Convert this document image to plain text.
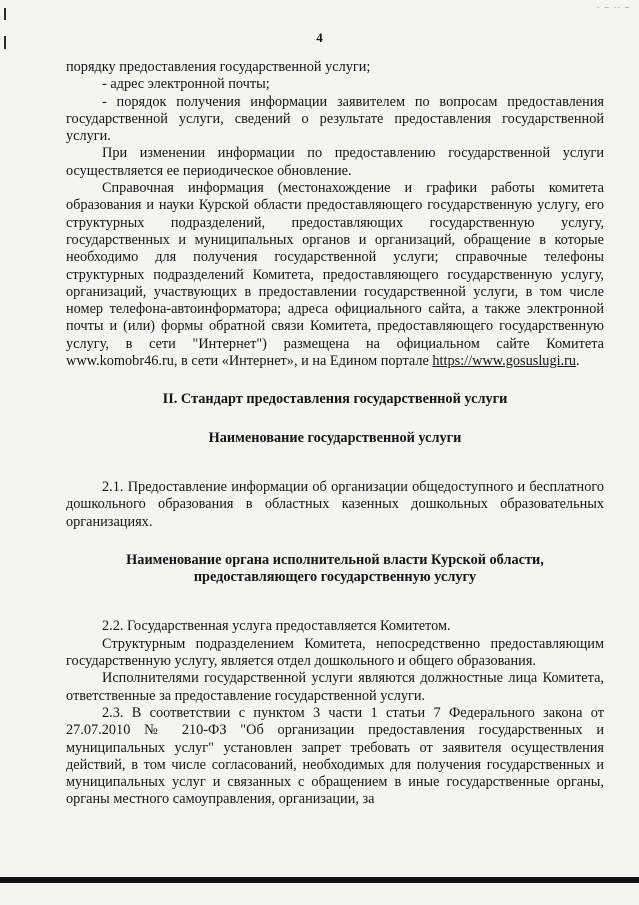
- ~ -- ~
4

порядку предоставления государственной услуги;

- адрес электронной почты;

- порядок получения информации заявителем по вопросам предоставления государственной услуги, сведений о результате предоставления государственной услуги.

При изменении информации по предоставлению государственной услуги осуществляется ее периодическое обновление.

Справочная информация (местонахождение и графики работы комитета образования и науки Курской области предоставляющего государственную услугу, его структурных подразделений, предоставляющих государственную услугу, государственных и муниципальных органов и организаций, обращение в которые необходимо для получения государственной услуги; справочные телефоны структурных подразделений Комитета, предоставляющего государственную услугу, организаций, участвующих в предоставлении государственной услуги, в том числе номер телефона-автоинформатора; адреса официального сайта, а также электронной почты и (или) формы обратной связи Комитета, предоставляющего государственную услугу, в сети "Интернет") размещена на официальном сайте Комитета www.komobr46.ru, в сети «Интернет», и на Едином портале https://www.gosuslugi.ru.

II. Стандарт предоставления государственной услуги
Наименование государственной услуги

2.1. Предоставление информации об организации общедоступного и бесплатного дошкольного образования в областных казенных дошкольных образовательных организациях.

Наименование органа исполнительной власти Курской области,
предоставляющего государственную услугу

2.2. Государственная услуга предоставляется Комитетом.

Структурным подразделением Комитета, непосредственно предоставляющим государственную услугу, является отдел дошкольного и общего образования.

Исполнителями государственной услуги являются должностные лица Комитета, ответственные за предоставление государственной услуги.

2.3. В соответствии с пунктом 3 части 1 статьи 7 Федерального закона от 27.07.2010 № 210-ФЗ "Об организации предоставления государственных и муниципальных услуг" установлен запрет требовать от заявителя осуществления действий, в том числе согласований, необходимых для получения государственных и муниципальных услуг и связанных с обращением в иные государственные органы, органы местного самоуправления, организации, за
